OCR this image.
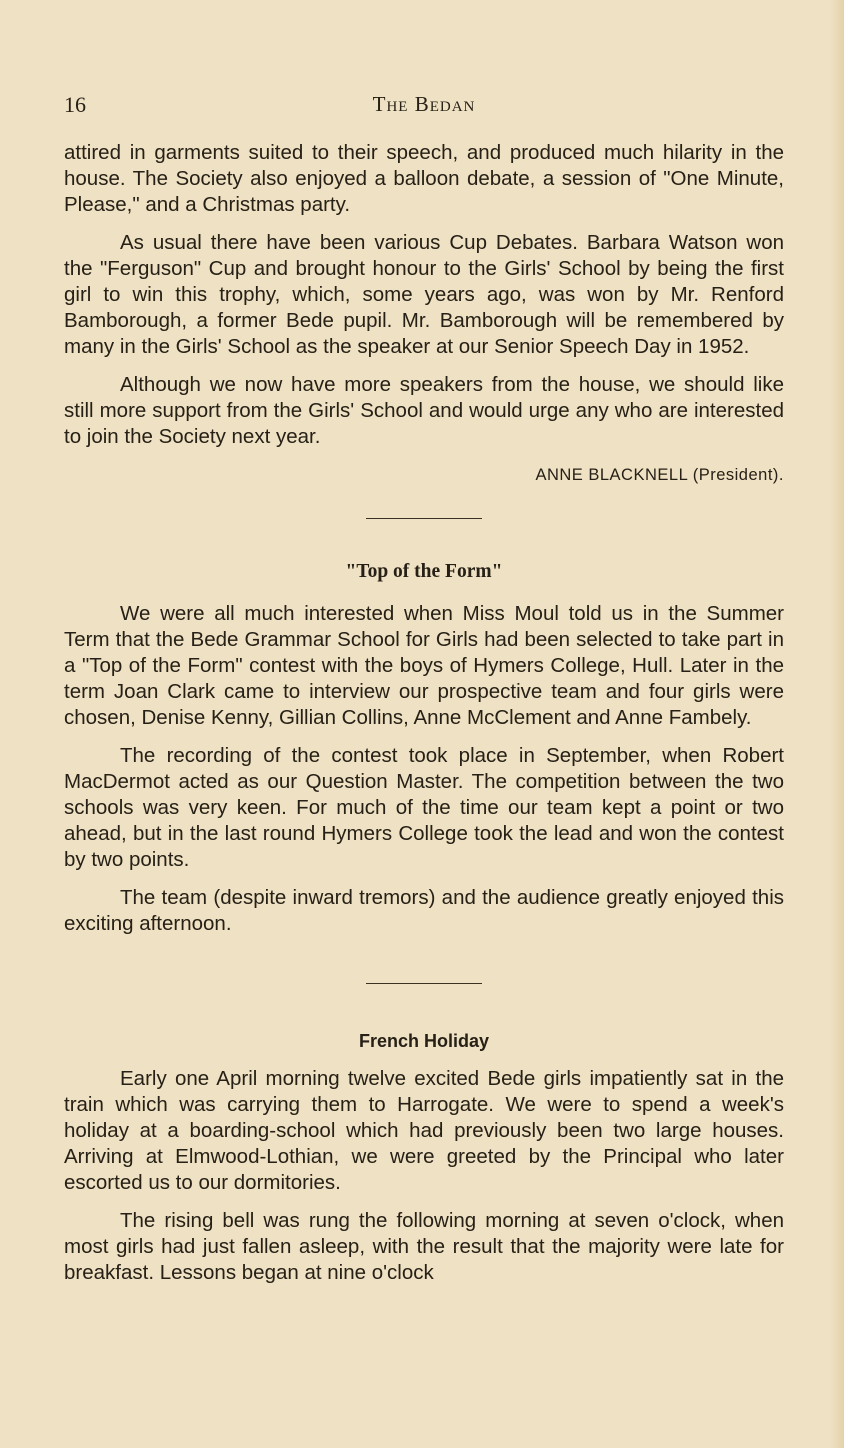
16	The Bedan

attired in garments suited to their speech, and produced much hilarity in the house. The Society also enjoyed a balloon debate, a session of "One Minute, Please," and a Christmas party.

As usual there have been various Cup Debates. Barbara Watson won the "Ferguson" Cup and brought honour to the Girls' School by being the first girl to win this trophy, which, some years ago, was won by Mr. Renford Bamborough, a former Bede pupil. Mr. Bamborough will be remembered by many in the Girls' School as the speaker at our Senior Speech Day in 1952.

Although we now have more speakers from the house, we should like still more support from the Girls' School and would urge any who are interested to join the Society next year.

ANNE BLACKNELL (President).
"Top of the Form"

We were all much interested when Miss Moul told us in the Summer Term that the Bede Grammar School for Girls had been selected to take part in a "Top of the Form" contest with the boys of Hymers College, Hull. Later in the term Joan Clark came to interview our prospective team and four girls were chosen, Denise Kenny, Gillian Collins, Anne McClement and Anne Fambely.

The recording of the contest took place in September, when Robert MacDermot acted as our Question Master. The competition between the two schools was very keen. For much of the time our team kept a point or two ahead, but in the last round Hymers College took the lead and won the contest by two points.

The team (despite inward tremors) and the audience greatly enjoyed this exciting afternoon.

French Holiday

Early one April morning twelve excited Bede girls impatiently sat in the train which was carrying them to Harrogate. We were to spend a week's holiday at a boarding-school which had previously been two large houses. Arriving at Elmwood-Lothian, we were greeted by the Principal who later escorted us to our dormitories.

The rising bell was rung the following morning at seven o'clock, when most girls had just fallen asleep, with the result that the majority were late for breakfast. Lessons began at nine o'clock
